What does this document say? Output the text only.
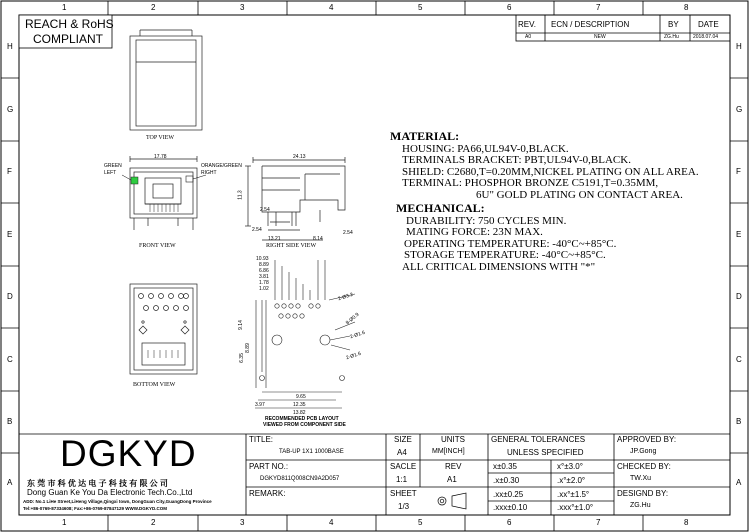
1	2	3	4	5	6	7	8
1	2	3	4	5	6	7	8
H
G
F
E
D
C
B
A
H
G
F
E
D
C
B
A
REACH & RoHS
COMPLIANT
REV. ECN / DESCRIPTION	BY DATE
A0	NEW	ZG.Hu	2018.07.04
TOP VIEW
FRONT VIEW	RIGHT SIDE VIEW
BOTTOM VIEW
RECOMMENDED PCB LAYOUT
VIEWED FROM COMPONENT SIDE
GREEN
LEFT
ORANGE/GREEN
RIGHT
17.78	24.13
11.3
2.54
2.54	2.54
13.21	8.14
10.93
8.89
6.86
3.81
1.78
1.02
9.65
12.35
13.82
3.97
2-Ø3.2
2-Ø1.6
8-Ø0.9
2-Ø1.6
6.35
8.89
9.14
MATERIAL:
HOUSING: PA66,UL94V-0,BLACK.
TERMINALS BRACKET: PBT,UL94V-0,BLACK.
SHIELD: C2680,T=0.20MM,NICKEL PLATING ON ALL AREA.
TERMINAL: PHOSPHOR BRONZE C5191,T=0.35MM,
6U" GOLD PLATING ON CONTACT AREA.
MECHANICAL:
DURABILITY: 750 CYCLES MIN.
MATING FORCE: 23N MAX.
OPERATING TEMPERATURE: -40°C~+85°C.
STORAGE TEMPERATURE: -40°C~+85°C.
ALL CRITICAL DIMENSIONS WITH "*"
DGKYD
东 莞 市 科 优 达 电 子 科 技 有 限 公 司
Dong Guan Ke You Da Electronic Tech.Co.,Ltd
ADD: No.1 LiHe Street,LiHeng Village,Qingxi town, DongGuan City,GuangDong Province
Tel:+86-0769-87334608; Fax:+86-0769-87847129 WWW.DGKYD.COM
TITLE:
TAB-UP 1X1 1000BASE
SIZE
A4
UNITS
MM[INCH]
PART NO.:
DGKYD811Q008CN9A2D057
SACLE
1:1
REV
A1
REMARK:	SHEET
1/3
GENERAL TOLERANCES
UNLESS SPECIFIED
x±0.35	x°±3.0°
.x±0.30	.x°±2.0°
.xx±0.25	.xx°±1.5°
.xxx±0.10	.xxx°±1.0°
APPROVED BY:
JP.Gong
CHECKED BY:
TW.Xu
DESIGND BY:
ZG.Hu
